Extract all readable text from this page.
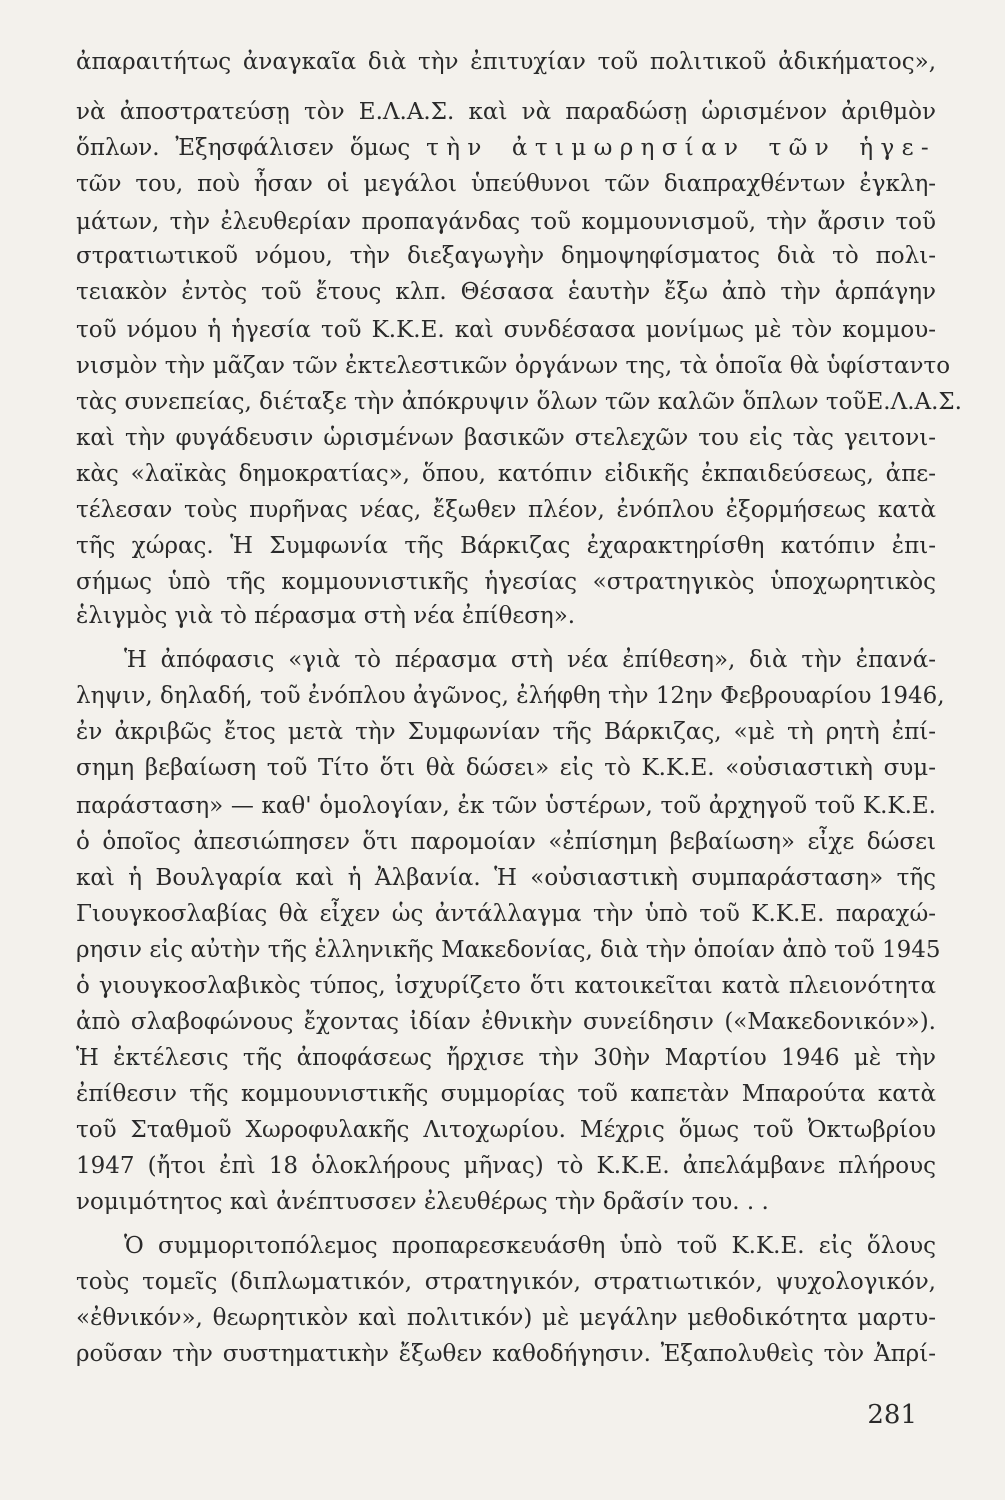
ἀπαραιτήτως ἀναγκαῖα διὰ τὴν ἐπιτυχίαν τοῦ πολιτικοῦ ἀδικήματος»,
νὰ ἀποστρατεύσῃ τὸν Ε.Λ.Α.Σ. καὶ νὰ παραδώσῃ ὡρισμένον ἀριθμὸν
ὅπλων. Ἐξησφάλισεν ὅμως τὴν ἀτιμωρησίαν τῶν ἡγε-
τῶν του, ποὺ ἦσαν οἱ μεγάλοι ὑπεύθυνοι τῶν διαπραχθέντων ἐγκλη-
μάτων, τὴν ἐλευθερίαν προπαγάνδας τοῦ κομμουνισμοῦ, τὴν ἄρσιν τοῦ
στρατιωτικοῦ νόμου, τὴν διεξαγωγὴν δημοψηφίσματος διὰ τὸ πολι-
τειακὸν ἐντὸς τοῦ ἔτους κλπ. Θέσασα ἑαυτὴν ἔξω ἀπὸ τὴν ἁρπάγην
τοῦ νόμου ἡ ἡγεσία τοῦ Κ.Κ.Ε. καὶ συνδέσασα μονίμως μὲ τὸν κομμου-
νισμὸν τὴν μᾶζαν τῶν ἐκτελεστικῶν ὀργάνων της, τὰ ὁποῖα θὰ ὑφίσταντο
τὰς συνεπείας, διέταξε τὴν ἀπόκρυψιν ὅλων τῶν καλῶν ὅπλων τοῦΕ.Λ.Α.Σ.
καὶ τὴν φυγάδευσιν ὡρισμένων βασικῶν στελεχῶν του εἰς τὰς γειτονι-
κὰς «λαϊκὰς δημοκρατίας», ὅπου, κατόπιν εἰδικῆς ἐκπαιδεύσεως, ἀπε-
τέλεσαν τοὺς πυρῆνας νέας, ἔξωθεν πλέον, ἐνόπλου ἐξορμήσεως κατὰ
τῆς χώρας. Ἡ Συμφωνία τῆς Βάρκιζας ἐχαρακτηρίσθη κατόπιν ἐπι-
σήμως ὑπὸ τῆς κομμουνιστικῆς ἡγεσίας «στρατηγικὸς ὑποχωρητικὸς
ἑλιγμὸς γιὰ τὸ πέρασμα στὴ νέα ἐπίθεση».
Ἡ ἀπόφασις «γιὰ τὸ πέρασμα στὴ νέα ἐπίθεση», διὰ τὴν ἐπανά-
ληψιν, δηλαδή, τοῦ ἐνόπλου ἀγῶνος, ἐλήφθη τὴν 12ην Φεβρουαρίου 1946,
ἐν ἀκριβῶς ἔτος μετὰ τὴν Συμφωνίαν τῆς Βάρκιζας, «μὲ τὴ ρητὴ ἐπί-
σημη βεβαίωση τοῦ Τίτο ὅτι θὰ δώσει» εἰς τὸ Κ.Κ.Ε. «οὐσιαστικὴ συμ-
παράσταση» — καθ' ὁμολογίαν, ἐκ τῶν ὑστέρων, τοῦ ἀρχηγοῦ τοῦ Κ.Κ.Ε.
ὁ ὁποῖος ἀπεσιώπησεν ὅτι παρομοίαν «ἐπίσημη βεβαίωση» εἶχε δώσει
καὶ ἡ Βουλγαρία καὶ ἡ Ἀλβανία. Ἡ «οὐσιαστικὴ συμπαράσταση» τῆς
Γιουγκοσλαβίας θὰ εἶχεν ὡς ἀντάλλαγμα τὴν ὑπὸ τοῦ Κ.Κ.Ε. παραχώ-
ρησιν εἰς αὐτὴν τῆς ἑλληνικῆς Μακεδονίας, διὰ τὴν ὁποίαν ἀπὸ τοῦ 1945
ὁ γιουγκοσλαβικὸς τύπος, ἰσχυρίζετο ὅτι κατοικεῖται κατὰ πλειονότητα
ἀπὸ σλαβοφώνους ἔχοντας ἰδίαν ἐθνικὴν συνείδησιν («Μακεδονικόν»).
Ἡ ἐκτέλεσις τῆς ἀποφάσεως ἤρχισε τὴν 30ὴν Μαρτίου 1946 μὲ τὴν
ἐπίθεσιν τῆς κομμουνιστικῆς συμμορίας τοῦ καπετὰν Μπαρούτα κατὰ
τοῦ Σταθμοῦ Χωροφυλακῆς Λιτοχωρίου. Μέχρις ὅμως τοῦ Ὀκτωβρίου
1947 (ἤτοι ἐπὶ 18 ὁλοκλήρους μῆνας) τὸ Κ.Κ.Ε. ἀπελάμβανε πλήρους
νομιμότητος καὶ ἀνέπτυσσεν ἐλευθέρως τὴν δρᾶσίν του. . .
Ὁ συμμοριτοπόλεμος προπαρεσκευάσθη ὑπὸ τοῦ Κ.Κ.Ε. εἰς ὅλους
τοὺς τομεῖς (διπλωματικόν, στρατηγικόν, στρατιωτικόν, ψυχολογικόν,
«ἐθνικόν», θεωρητικὸν καὶ πολιτικόν) μὲ μεγάλην μεθοδικότητα μαρτυ-
ροῦσαν τὴν συστηματικὴν ἔξωθεν καθοδήγησιν. Ἐξαπολυθεὶς τὸν Ἀπρί-
281
